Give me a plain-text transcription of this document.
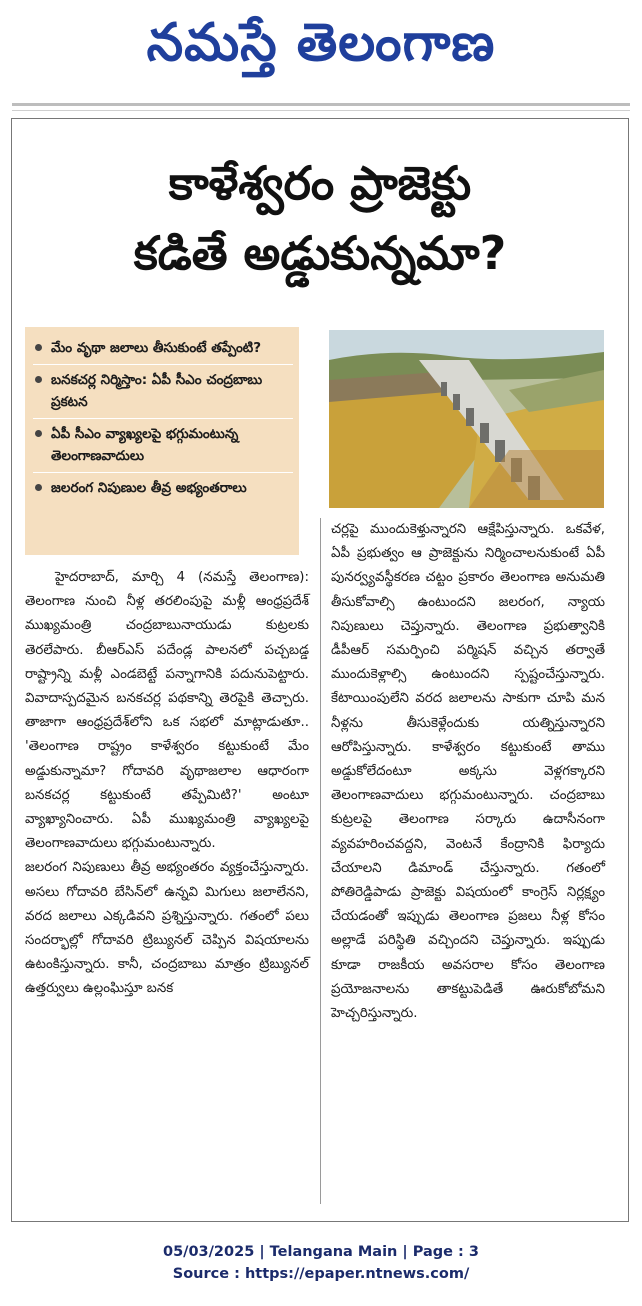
నమస్తే తెలంగాణ
కాళేశ్వరం ప్రాజెక్టు
కడితే అడ్డుకున్నమా?
మేం వృథా జలాలు తీసుకుంటే తప్పేంటి?
బనకచర్ల నిర్మిస్తాం: ఏపీ సీఎం చంద్రబాబు ప్రకటన
ఏపీ సీఎం వ్యాఖ్యలపై భగ్గుమంటున్న తెలంగాణవాదులు
జలరంగ నిపుణుల తీవ్ర అభ్యంతరాలు

హైదరాబాద్, మార్చి 4 (నమస్తే తెలంగాణ): తెలంగాణ నుంచి నీళ్ల తరలింపుపై మళ్లీ ఆంధ్రప్రదేశ్ ముఖ్యమంత్రి చంద్రబాబునాయుడు కుట్రలకు తెరలేపారు. బీఆర్ఎస్ పదేండ్ల పాలనలో పచ్చబడ్డ రాష్ట్రాన్ని మళ్లీ ఎండబెట్టే పన్నాగానికి పదునుపెట్టారు. వివాదాస్పదమైన బనకచర్ల పథకాన్ని తెరపైకి తెచ్చారు. తాజాగా ఆంధ్రప్రదేశ్‌లోని ఒక సభలో మాట్లాడుతూ.. 'తెలంగాణ రాష్ట్రం కాళేశ్వరం కట్టుకుంటే మేం అడ్డుకున్నామా? గోదావరి వృథాజలాల ఆధారంగా బనకచర్ల కట్టుకుంటే తప్పేమిటి?' అంటూ వ్యాఖ్యానించారు. ఏపీ ముఖ్యమంత్రి వ్యాఖ్యలపై తెలంగాణవాదులు భగ్గుమంటున్నారు.

జలరంగ నిపుణులు తీవ్ర అభ్యంతరం వ్యక్తంచేస్తున్నారు. అసలు గోదావరి బేసిన్‌లో ఉన్నవి మిగులు జలాలేనని, వరద జలాలు ఎక్కడివని ప్రశ్నిస్తున్నారు. గతంలో పలు సందర్భాల్లో గోదావరి ట్రిబ్యునల్ చెప్పిన విషయాలను ఉటంకిస్తున్నారు. కానీ, చంద్రబాబు మాత్రం ట్రిబ్యునల్ ఉత్తర్వులు ఉల్లంఘిస్తూ బనక

చర్లపై ముందుకెళ్తున్నారని ఆక్షేపిస్తున్నారు. ఒకవేళ, ఏపీ ప్రభుత్వం ఆ ప్రాజెక్టును నిర్మించాలనుకుంటే ఏపీ పునర్వ్యవస్థీకరణ చట్టం ప్రకారం తెలంగాణ అనుమతి తీసుకోవాల్సి ఉంటుందని జలరంగ, న్యాయ నిపుణులు చెప్తున్నారు. తెలంగాణ ప్రభుత్వానికి డీపీఆర్ సమర్పించి పర్మిషన్ వచ్చిన తర్వాతే ముందుకెళ్లాల్సి ఉంటుందని స్పష్టంచేస్తున్నారు. కేటాయింపులేని వరద జలాలను సాకుగా చూపి మన నీళ్లను తీసుకెళ్లేందుకు యత్నిస్తున్నారని ఆరోపిస్తున్నారు. కాళేశ్వరం కట్టుకుంటే తాము అడ్డుకోలేదంటూ అక్కసు వెళ్లగక్కారని తెలంగాణవాదులు భగ్గుమంటున్నారు. చంద్రబాబు కుట్రలపై తెలంగాణ సర్కారు ఉదాసీనంగా వ్యవహరించవద్దని, వెంటనే కేంద్రానికి ఫిర్యాదు చేయాలని డిమాండ్ చేస్తున్నారు. గతంలో పోతిరెడ్డిపాడు ప్రాజెక్టు విషయంలో కాంగ్రెస్ నిర్లక్ష్యం చేయడంతో ఇప్పుడు తెలంగాణ ప్రజలు నీళ్ల కోసం అల్లాడే పరిస్థితి వచ్చిందని చెప్తున్నారు. ఇప్పుడు కూడా రాజకీయ అవసరాల కోసం తెలంగాణ ప్రయోజనాలను తాకట్టుపెడితే ఊరుకోబోమని హెచ్చరిస్తున్నారు.

05/03/2025 | Telangana Main | Page : 3
Source : https://epaper.ntnews.com/
